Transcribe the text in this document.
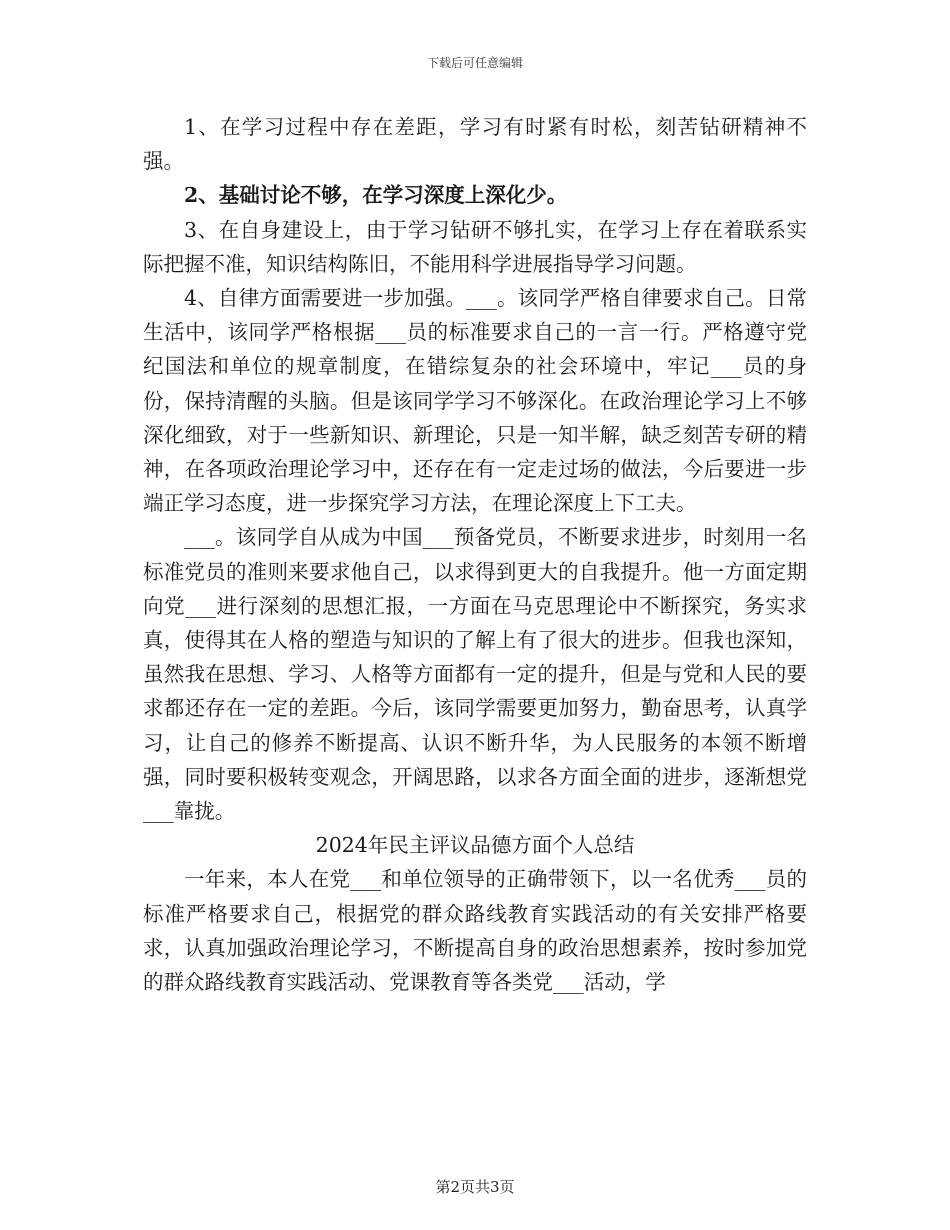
下载后可任意编辑

1、在学习过程中存在差距，学习有时紧有时松，刻苦钻研精神不强。

2、基础讨论不够，在学习深度上深化少。

3、在自身建设上，由于学习钻研不够扎实，在学习上存在着联系实际把握不准，知识结构陈旧，不能用科学进展指导学习问题。

4、自律方面需要进一步加强。___。该同学严格自律要求自己。日常生活中，该同学严格根据___员的标准要求自己的一言一行。严格遵守党纪国法和单位的规章制度，在错综复杂的社会环境中，牢记___员的身份，保持清醒的头脑。但是该同学学习不够深化。在政治理论学习上不够深化细致，对于一些新知识、新理论，只是一知半解，缺乏刻苦专研的精神，在各项政治理论学习中，还存在有一定走过场的做法，今后要进一步端正学习态度，进一步探究学习方法，在理论深度上下工夫。

___。该同学自从成为中国___预备党员，不断要求进步，时刻用一名标准党员的准则来要求他自己，以求得到更大的自我提升。他一方面定期向党___进行深刻的思想汇报，一方面在马克思理论中不断探究，务实求真，使得其在人格的塑造与知识的了解上有了很大的进步。但我也深知，虽然我在思想、学习、人格等方面都有一定的提升，但是与党和人民的要求都还存在一定的差距。今后，该同学需要更加努力，勤奋思考，认真学习，让自己的修养不断提高、认识不断升华，为人民服务的本领不断增强，同时要积极转变观念，开阔思路，以求各方面全面的进步，逐渐想党___靠拢。

2024年民主评议品德方面个人总结

一年来，本人在党___和单位领导的正确带领下，以一名优秀___员的标准严格要求自己，根据党的群众路线教育实践活动的有关安排严格要求，认真加强政治理论学习，不断提高自身的政治思想素养，按时参加党的群众路线教育实践活动、党课教育等各类党___活动，学

第2页共3页
